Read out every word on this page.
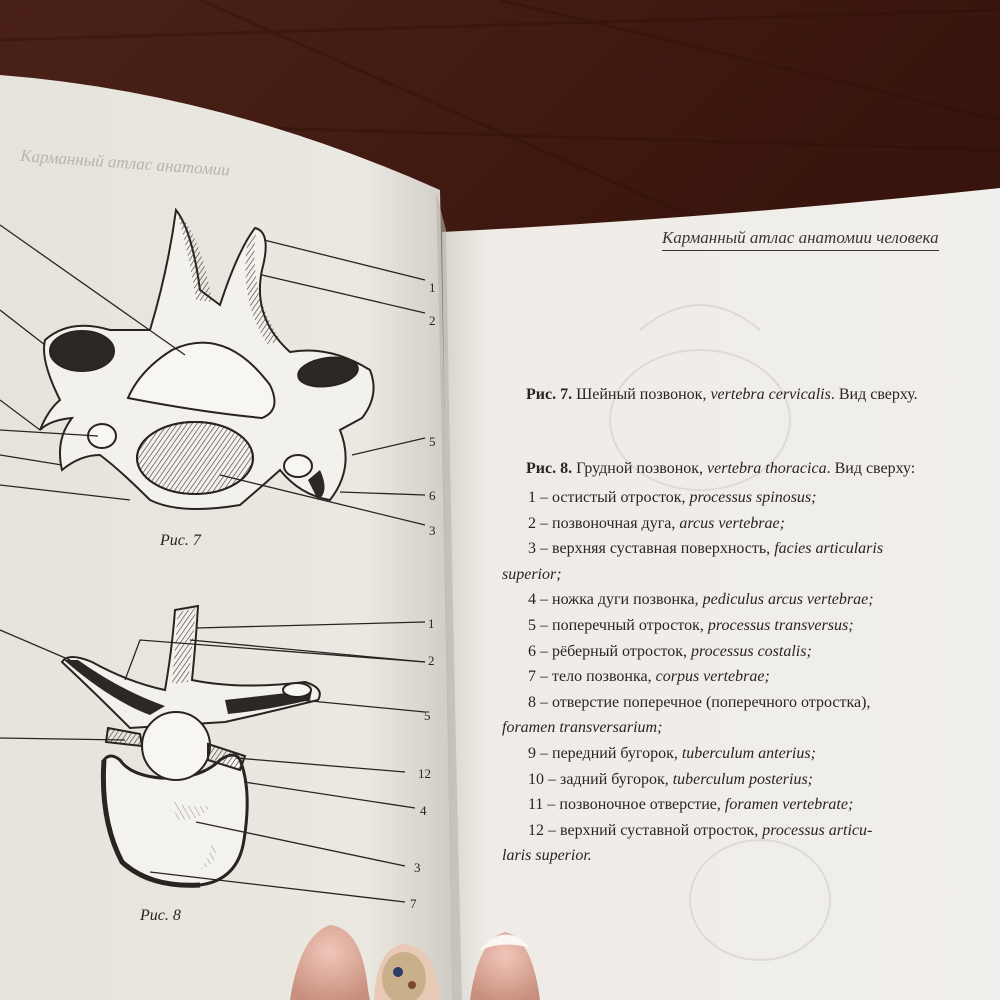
Карманный атлас анатомии
1
2
5
6
3
Рис. 7
1
2
5
12
4
3
7
Рис. 8
Карманный атлас анатомии человека
Рис. 7. Шейный позвонок, vertebra cervicalis. Вид сверху.
Рис. 8. Грудной позвонок, vertebra thoracica. Вид сверху:
1 – остистый отросток, processus spinosus;
2 – позвоночная дуга, arcus vertebrae;
3 – верхняя суставная поверхность, facies articularis
superior;
4 – ножка дуги позвонка, pediculus arcus vertebrae;
5 – поперечный отросток, processus transversus;
6 – рёберный отросток, processus costalis;
7 – тело позвонка, corpus vertebrae;
8 – отверстие поперечное (поперечного отростка),
foramen transversarium;
9 – передний бугорок, tuberculum anterius;
10 – задний бугорок, tuberculum posterius;
11 – позвоночное отверстие, foramen vertebrate;
12 – верхний суставной отросток, processus articu-
laris superior.
